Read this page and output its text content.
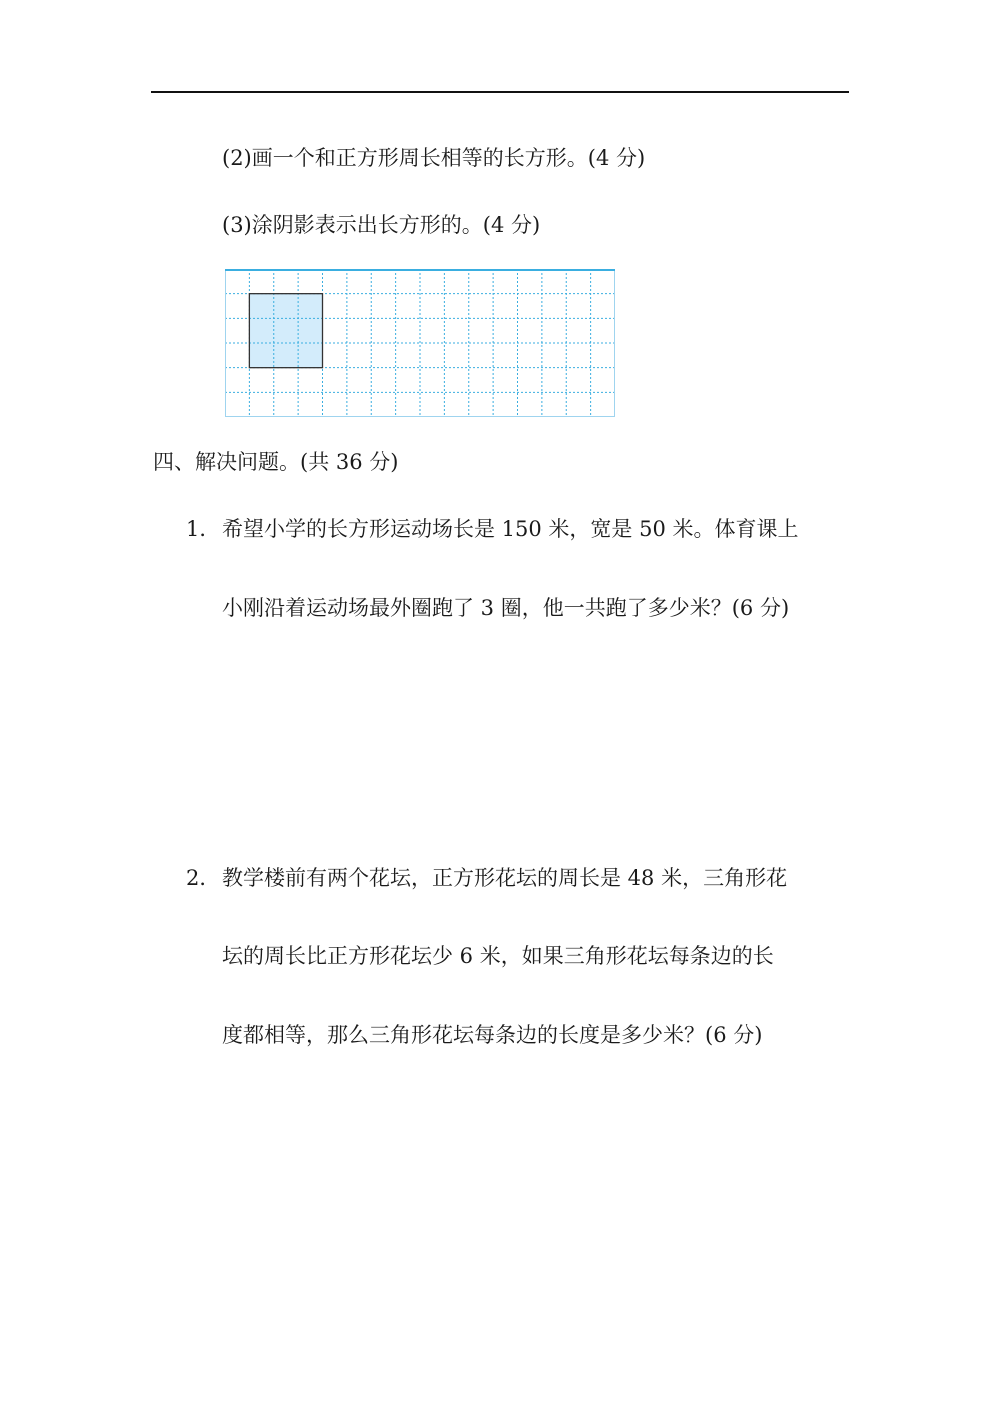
(2)画一个和正方形周长相等的长方形。(4 分)
(3)涂阴影表示出长方形的。(4 分)
四、解决问题。(共 36 分)
1． 希望小学的长方形运动场长是 150 米，宽是 50 米。体育课上
小刚沿着运动场最外圈跑了 3 圈，他一共跑了多少米？(6 分)
2． 教学楼前有两个花坛，正方形花坛的周长是 48 米，三角形花
坛的周长比正方形花坛少 6 米，如果三角形花坛每条边的长
度都相等，那么三角形花坛每条边的长度是多少米？(6 分)
